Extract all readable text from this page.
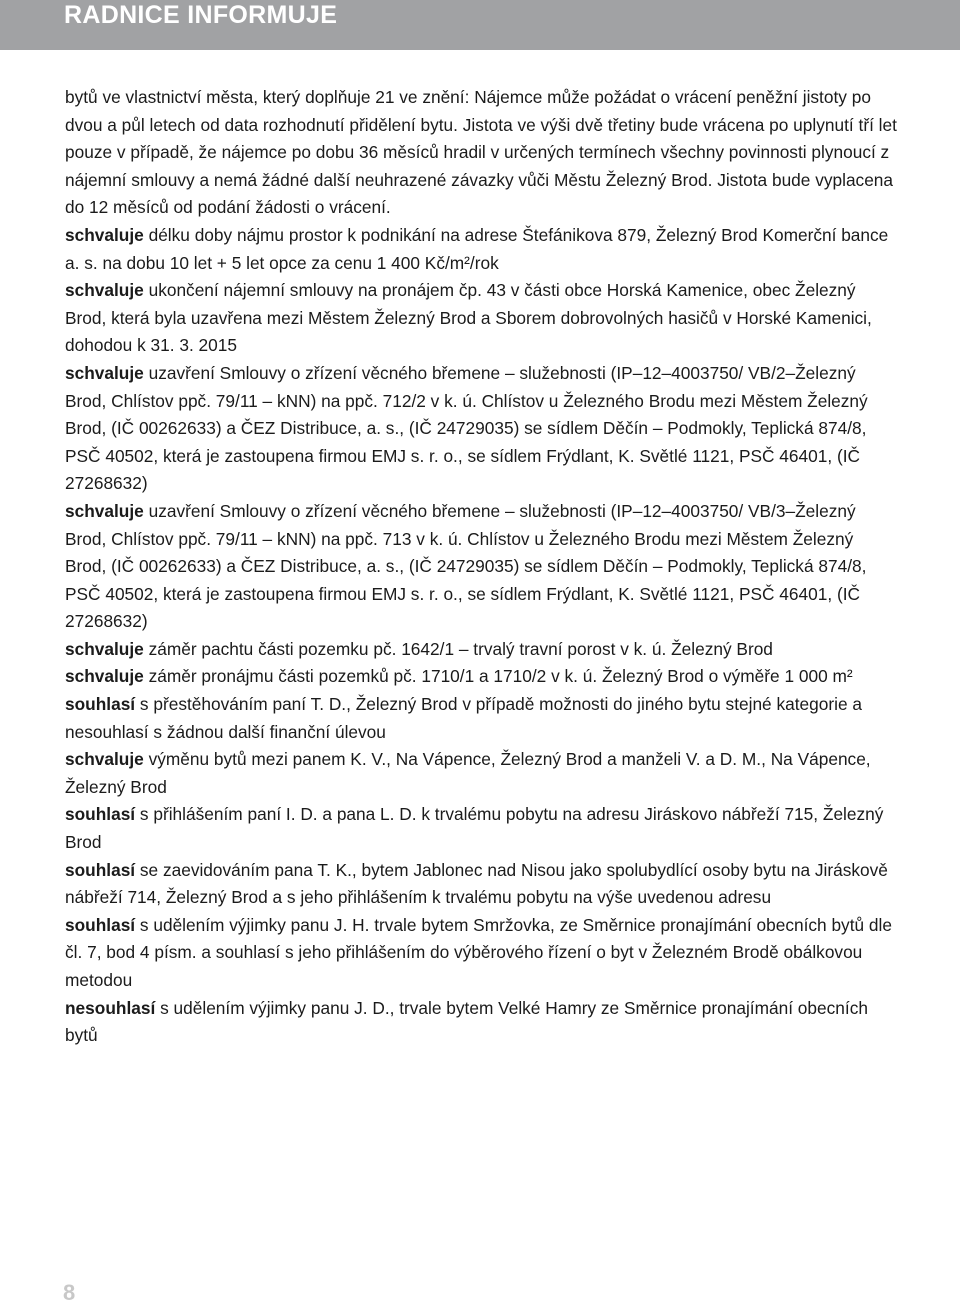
RADNICE INFORMUJE

bytů ve vlastnictví města, který doplňuje 21 ve znění: Nájemce může požádat o vrácení peněžní jistoty po dvou a půl letech od data rozhodnutí přidělení bytu. Jistota ve výši dvě třetiny bude vrácena po uplynutí tří let pouze v případě, že nájemce po dobu 36 měsíců hradil v určených termínech všechny povinnosti plynoucí z nájemní smlouvy a nemá žádné další neuhrazené závazky vůči Městu Železný Brod. Jistota bude vyplacena do 12 měsíců od podání žádosti o vrácení.

schvaluje délku doby nájmu prostor k podnikání na adrese Štefánikova 879, Železný Brod Komerční bance a. s. na dobu 10 let + 5 let opce za cenu 1 400 Kč/m²/rok

schvaluje ukončení nájemní smlouvy na pronájem čp. 43 v části obce Horská Kamenice, obec Železný Brod, která byla uzavřena mezi Městem Železný Brod a Sborem dobrovolných hasičů v Horské Kamenici, dohodou k 31. 3. 2015

schvaluje uzavření Smlouvy o zřízení věcného břemene – služebnosti (IP–12–4003750/ VB/2–Železný Brod, Chlístov ppč. 79/11 – kNN) na ppč. 712/2 v k. ú. Chlístov u Železného Brodu mezi Městem Železný Brod, (IČ 00262633) a ČEZ Distribuce, a. s., (IČ 24729035) se sídlem Děčín – Podmokly, Teplická 874/8, PSČ 40502, která je zastoupena firmou EMJ s. r. o., se sídlem Frýdlant, K. Světlé 1121, PSČ 46401, (IČ 27268632)

schvaluje uzavření Smlouvy o zřízení věcného břemene – služebnosti (IP–12–4003750/ VB/3–Železný Brod, Chlístov ppč. 79/11 – kNN) na ppč. 713 v k. ú. Chlístov u Železného Brodu mezi Městem Železný Brod, (IČ 00262633) a ČEZ Distribuce, a. s., (IČ 24729035) se sídlem Děčín – Podmokly, Teplická 874/8, PSČ 40502, která je zastoupena firmou EMJ s. r. o., se sídlem Frýdlant, K. Světlé 1121, PSČ 46401, (IČ 27268632)

schvaluje záměr pachtu části pozemku pč. 1642/1 – trvalý travní porost v k. ú. Železný Brod

schvaluje záměr pronájmu části pozemků pč. 1710/1 a 1710/2 v k. ú. Železný Brod o výměře 1 000 m²

souhlasí s přestěhováním paní T. D., Železný Brod v případě možnosti do jiného bytu stejné kategorie a nesouhlasí s žádnou další finanční úlevou

schvaluje výměnu bytů mezi panem K. V., Na Vápence, Železný Brod a manželi V. a D. M., Na Vápence, Železný Brod

souhlasí s přihlášením paní I. D. a pana L. D. k trvalému pobytu na adresu Jiráskovo nábřeží 715, Železný Brod

souhlasí se zaevidováním pana T. K., bytem Jablonec nad Nisou jako spolubydlící osoby bytu na Jiráskově nábřeží 714, Železný Brod a s jeho přihlášením k trvalému pobytu na výše uvedenou adresu

souhlasí s udělením výjimky panu J. H. trvale bytem Smržovka, ze Směrnice pronajímání obecních bytů dle čl. 7, bod 4 písm. a souhlasí s jeho přihlášením do výběrového řízení o byt v Železném Brodě obálkovou metodou

nesouhlasí s udělením výjimky panu J. D., trvale bytem Velké Hamry ze Směrnice pronajímání obecních bytů

8
